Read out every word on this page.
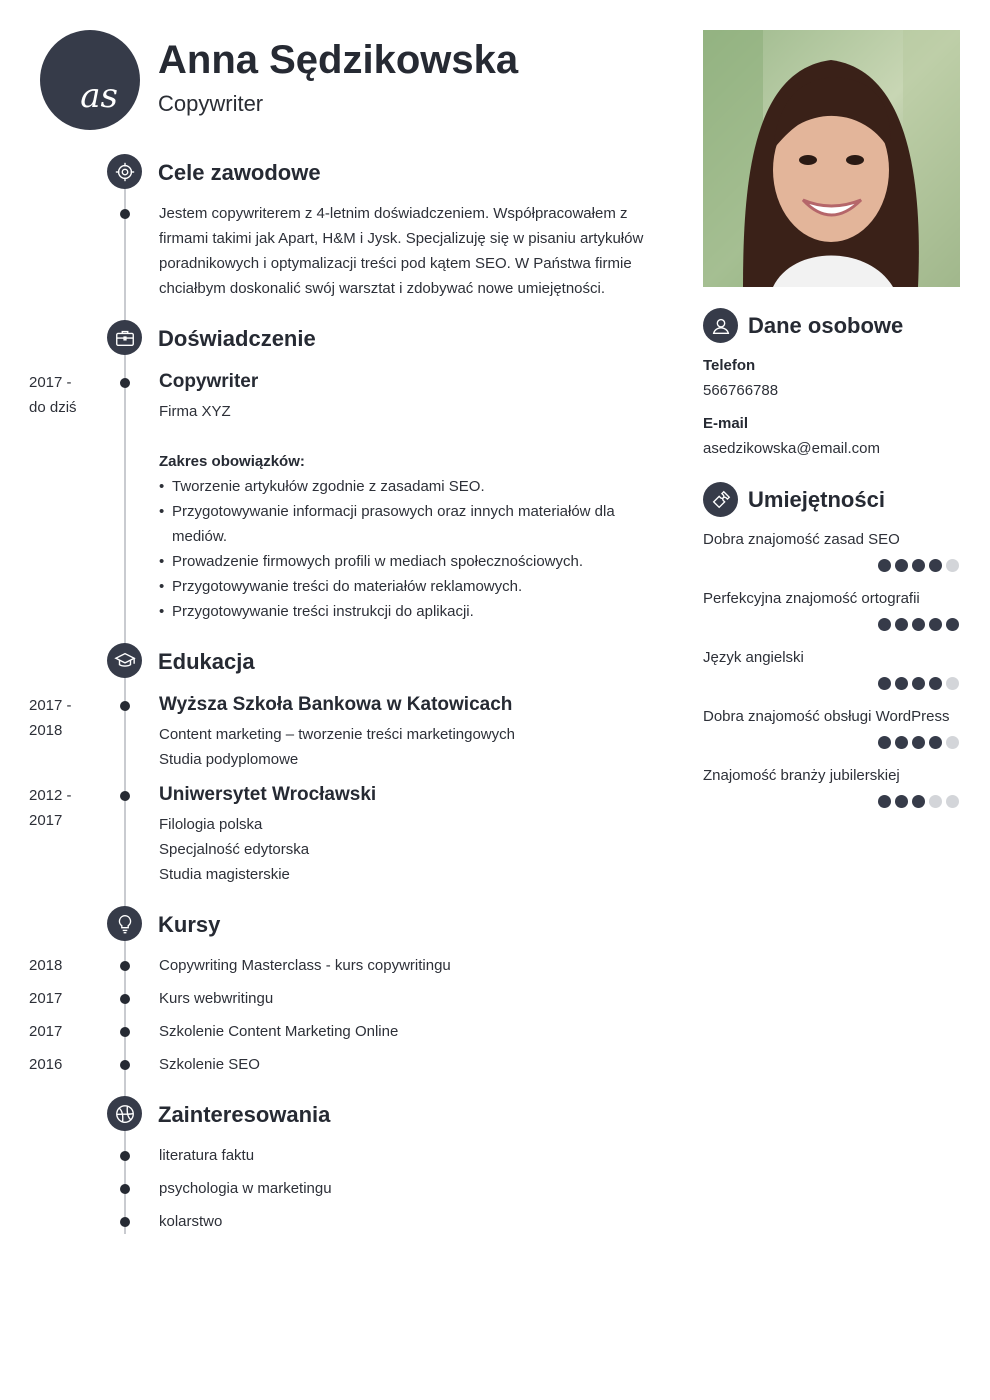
as
Anna Sędzikowska
Copywriter
Cele zawodowe
Jestem copywriterem z 4-letnim doświadczeniem. Współpracowałem z firmami takimi jak Apart, H&M i Jysk. Specjalizuję się w pisaniu artykułów poradnikowych i optymalizacji treści pod kątem SEO. W Państwa firmie chciałbym doskonalić swój warsztat i zdobywać nowe umiejętności.
Doświadczenie
2017 -
do dziś
Copywriter
Firma XYZ
Zakres obowiązków:
• Tworzenie artykułów zgodnie z zasadami SEO.
• Przygotowywanie informacji prasowych oraz innych materiałów dla mediów.
• Prowadzenie firmowych profili w mediach społecznościowych.
• Przygotowywanie treści do materiałów reklamowych.
• Przygotowywanie treści instrukcji do aplikacji.
Edukacja
2017 -
2018
Wyższa Szkoła Bankowa w Katowicach
Content marketing – tworzenie treści marketingowych
Studia podyplomowe
2012 -
2017
Uniwersytet Wrocławski
Filologia polska
Specjalność edytorska
Studia magisterskie
Kursy
2018	Copywriting Masterclass - kurs copywritingu
2017	Kurs webwritingu
2017	Szkolenie Content Marketing Online
2016	Szkolenie SEO
Zainteresowania
literatura faktu
psychologia w marketingu
kolarstwo
Dane osobowe
Telefon
566766788
E-mail
asedzikowska@email.com
Umiejętności
Dobra znajomość zasad SEO
Perfekcyjna znajomość ortografii
Język angielski
Dobra znajomość obsługi WordPress
Znajomość branży jubilerskiej
